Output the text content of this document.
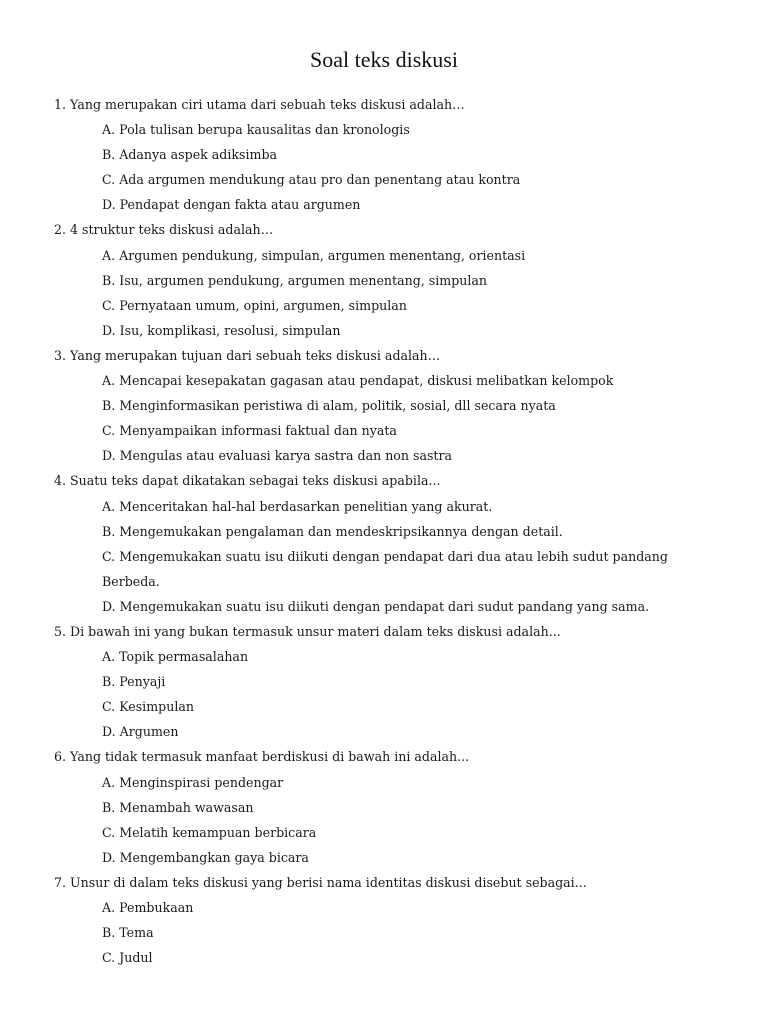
Soal teks diskusi
1. Yang merupakan ciri utama dari sebuah teks diskusi adalah…
A. Pola tulisan berupa kausalitas dan kronologis
B. Adanya aspek adiksimba
C. Ada argumen mendukung atau pro dan penentang atau kontra
D. Pendapat dengan fakta atau argumen
2. 4 struktur teks diskusi adalah…
A. Argumen pendukung, simpulan, argumen menentang, orientasi
B. Isu, argumen pendukung, argumen menentang, simpulan
C. Pernyataan umum, opini, argumen, simpulan
D. Isu, komplikasi, resolusi, simpulan
3. Yang merupakan tujuan dari sebuah teks diskusi adalah…
A. Mencapai kesepakatan gagasan atau pendapat, diskusi melibatkan kelompok
B. Menginformasikan peristiwa di alam, politik, sosial, dll secara nyata
C. Menyampaikan informasi faktual dan nyata
D. Mengulas atau evaluasi karya sastra dan non sastra
4. Suatu teks dapat dikatakan sebagai teks diskusi apabila...
A. Menceritakan hal-hal berdasarkan penelitian yang akurat.
B. Mengemukakan pengalaman dan mendeskripsikannya dengan detail.
C. Mengemukakan suatu isu diikuti dengan pendapat dari dua atau lebih sudut pandang
Berbeda.
D. Mengemukakan suatu isu diikuti dengan pendapat dari sudut pandang yang sama.
5. Di bawah ini yang bukan termasuk unsur materi dalam teks diskusi adalah...
A. Topik permasalahan
B. Penyaji
C. Kesimpulan
D. Argumen
6. Yang tidak termasuk manfaat berdiskusi di bawah ini adalah...
A. Menginspirasi pendengar
B. Menambah wawasan
C. Melatih kemampuan berbicara
D. Mengembangkan gaya bicara
7. Unsur di dalam teks diskusi yang berisi nama identitas diskusi disebut sebagai...
A. Pembukaan
B. Tema
C. Judul
